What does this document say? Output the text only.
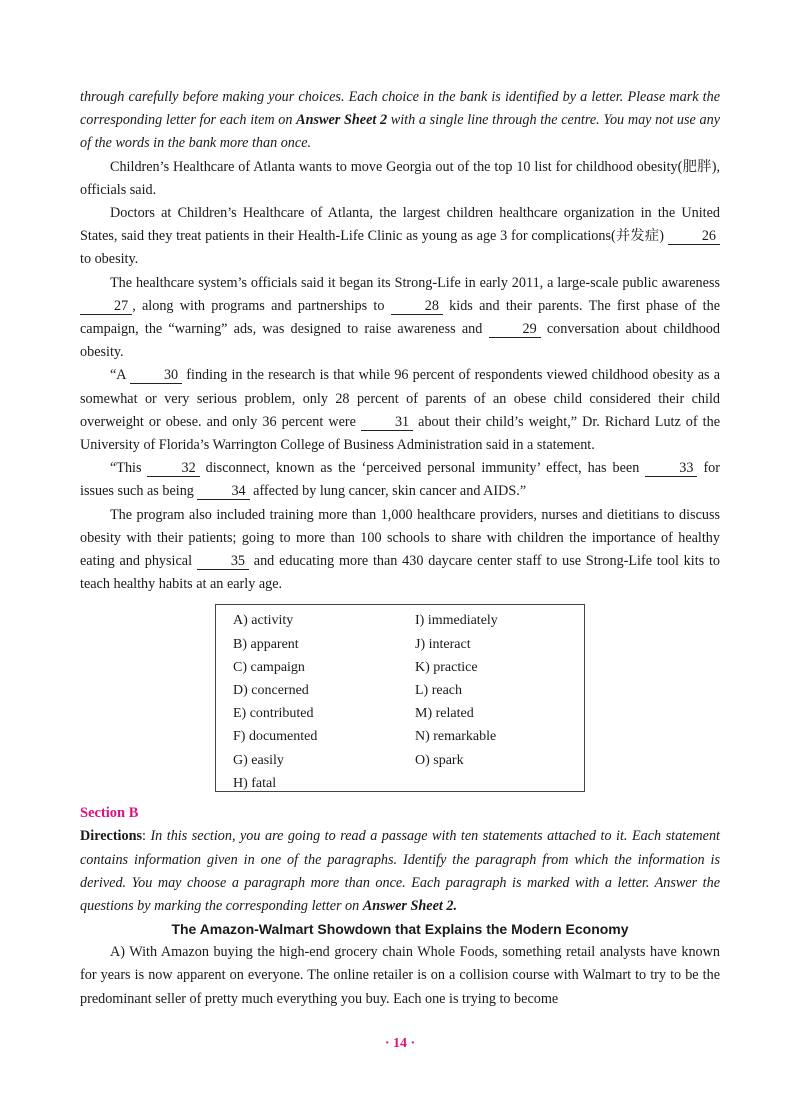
through carefully before making your choices. Each choice in the bank is identified by a letter. Please mark the corresponding letter for each item on Answer Sheet 2 with a single line through the centre. You may not use any of the words in the bank more than once.

Children’s Healthcare of Atlanta wants to move Georgia out of the top 10 list for childhood obesity(肥胖), officials said.

Doctors at Children’s Healthcare of Atlanta, the largest children healthcare organization in the United States, said they treat patients in their Health-Life Clinic as young as age 3 for complications(并发症) 26 to obesity.

The healthcare system’s officials said it began its Strong-Life in early 2011, a large-scale public awareness 27 , along with programs and partnerships to 28 kids and their parents. The first phase of the campaign, the “warning” ads, was designed to raise awareness and 29 conversation about childhood obesity.

“A 30 finding in the research is that while 96 percent of respondents viewed childhood obesity as a somewhat or very serious problem, only 28 percent of parents of an obese child considered their child overweight or obese. and only 36 percent were 31 about their child’s weight,” Dr. Richard Lutz of the University of Florida’s Warrington College of Business Administration said in a statement.

“This 32 disconnect, known as the ‘perceived personal immunity’ effect, has been 33 for issues such as being 34 affected by lung cancer, skin cancer and AIDS.”

The program also included training more than 1,000 healthcare providers, nurses and dietitians to discuss obesity with their patients; going to more than 100 schools to share with children the importance of healthy eating and physical 35 and educating more than 430 daycare center staff to use Strong-Life tool kits to teach healthy habits at an early age.

A) activity
B) apparent
C) campaign
D) concerned
E) contributed
F) documented
G) easily
H) fatal
I) immediately
J) interact
K) practice
L) reach
M) related
N) remarkable
O) spark
Section B

Directions: In this section, you are going to read a passage with ten statements attached to it. Each statement contains information given in one of the paragraphs. Identify the paragraph from which the information is derived. You may choose a paragraph more than once. Each paragraph is marked with a letter. Answer the questions by marking the corresponding letter on Answer Sheet 2.

The Amazon-Walmart Showdown that Explains the Modern Economy

A) With Amazon buying the high-end grocery chain Whole Foods, something retail analysts have known for years is now apparent on everyone. The online retailer is on a collision course with Walmart to try to be the predominant seller of pretty much everything you buy. Each one is trying to become

· 14 ·
